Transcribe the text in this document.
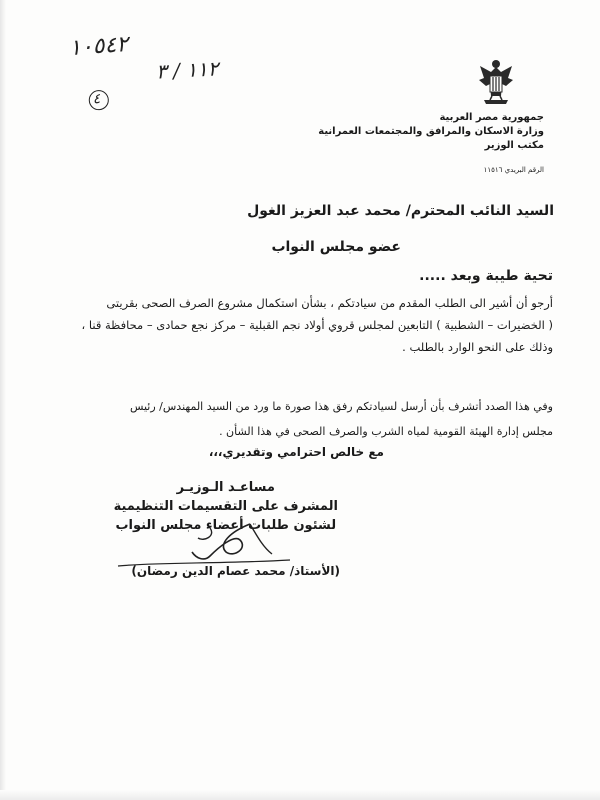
١٠٥٤٢
٤
١١٢ / ٣
جمهورية مصر العربية
وزارة الاسكان والمرافق والمجتمعات العمرانية
مكتب الوزير
الرقم البريدي ١١٥١٦
السيد النائب المحترم/ محمد عبد العزيز الغول
عضو مجلس النواب
تحية طيبة وبعد .....
أرجو أن أشير الى الطلب المقدم من سيادتكم ، بشأن استكمال مشروع الصرف الصحى بقريتى
( الخضيرات – الشطبية ) التابعين لمجلس قروي أولاد نجم القبلية – مركز نجع حمادى – محافظة قنا ،
وذلك على النحو الوارد بالطلب .
وفي هذا الصدد أتشرف بأن أرسل لسيادتكم رفق هذا صورة ما ورد من السيد المهندس/ رئيس
مجلس إدارة الهيئة القومية لمياه الشرب والصرف الصحى في هذا الشأن .
مع خالص احترامي وتقديري،،،
مساعـد الـوزيـر
المشرف على التقسيمات التنظيمية
لشئون طلبات أعضاء مجلس النواب
(الأستاذ/ محمد عصام الدين رمضان)
